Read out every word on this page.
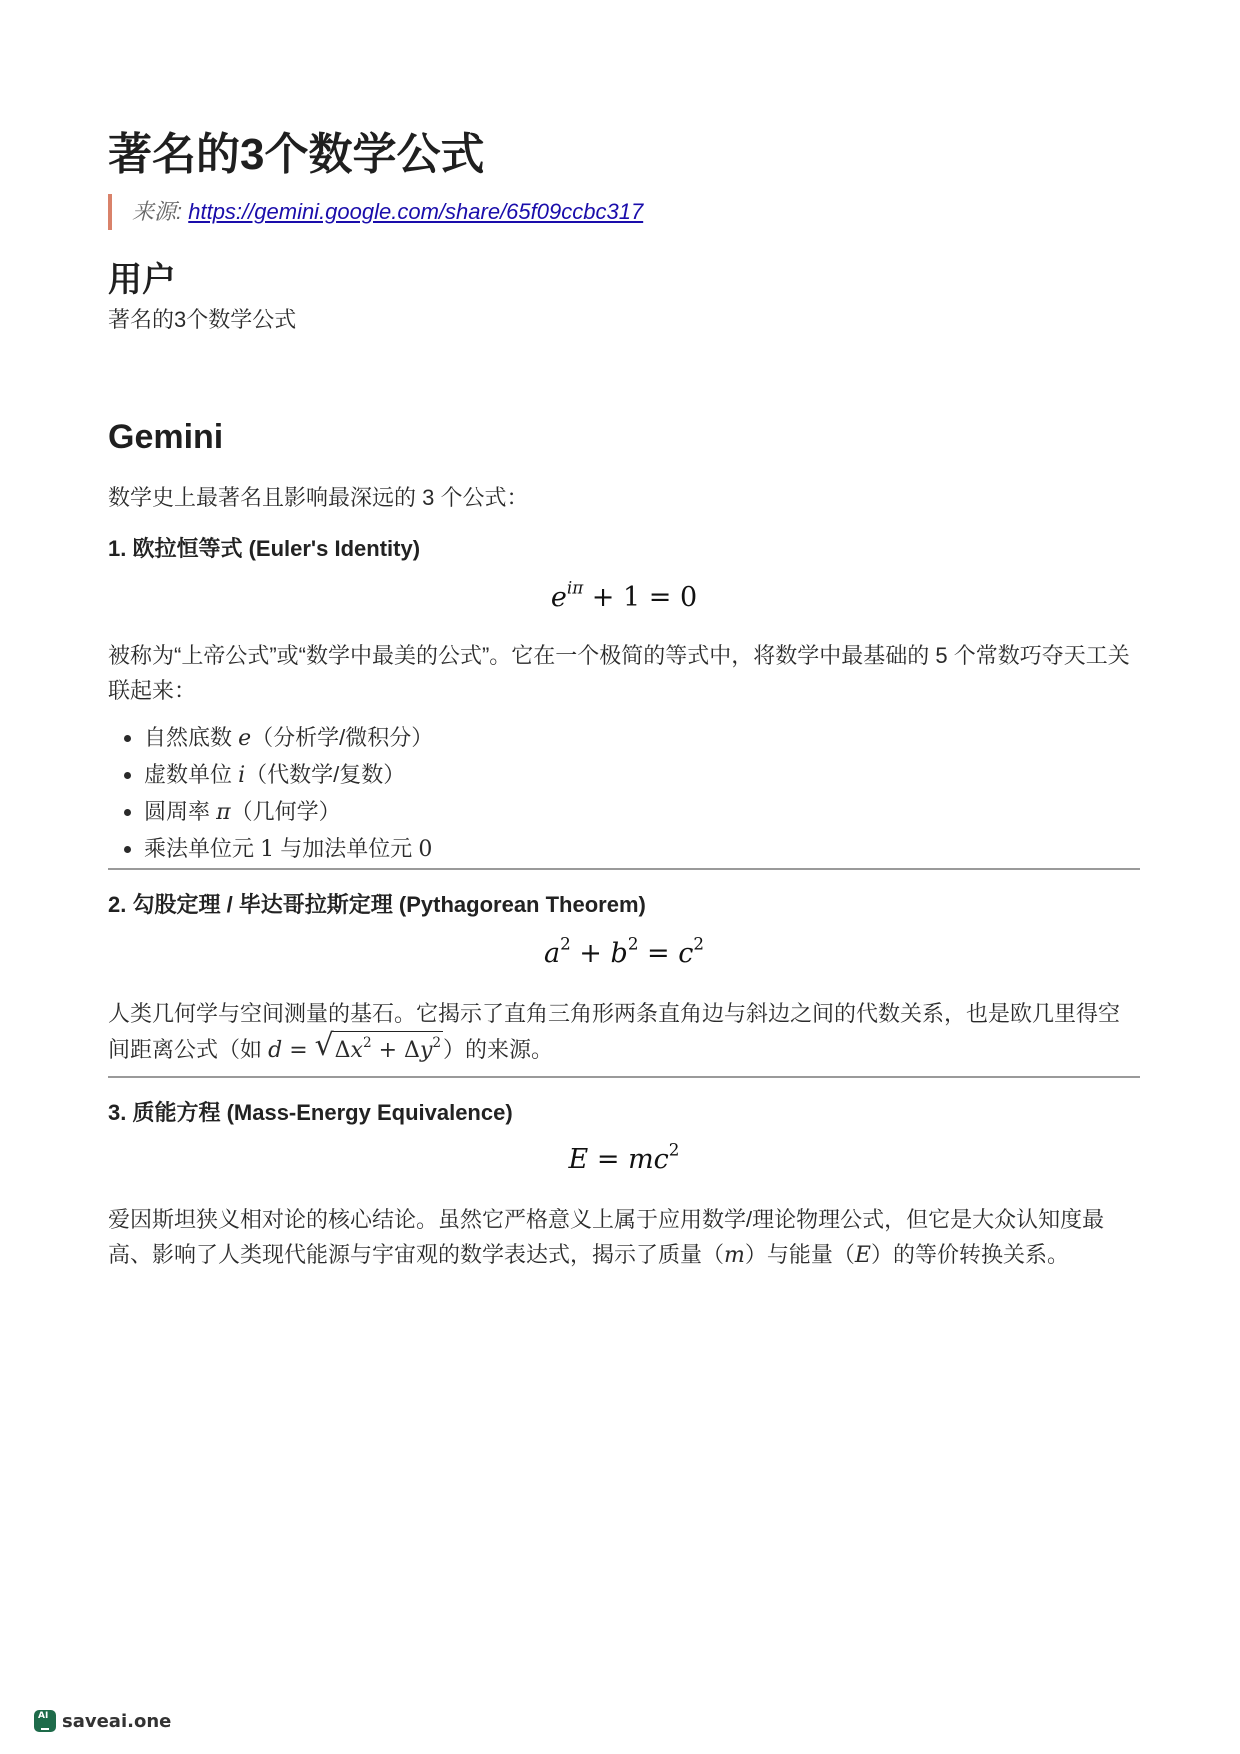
著名的3个数学公式
来源: https://gemini.google.com/share/65f09ccbc317
用户
著名的3个数学公式
Gemini
数学史上最著名且影响最深远的 3 个公式：
1. 欧拉恒等式 (Euler's Identity)
$e^{i\pi} + 1 = 0$
被称为“上帝公式”或“数学中最美的公式”。它在一个极简的等式中，将数学中最基础的 5 个常数巧夺天工关联起来：
• 自然底数 e（分析学/微积分）
• 虚数单位 i（代数学/复数）
• 圆周率 π（几何学）
• 乘法单位元 1 与加法单位元 0
2. 勾股定理 / 毕达哥拉斯定理 (Pythagorean Theorem)
$a^2 + b^2 = c^2$
人类几何学与空间测量的基石。它揭示了直角三角形两条直角边与斜边之间的代数关系，也是欧几里得空间距离公式（如 d = √ $\Delta x^2 + \Delta y^2$）的来源。
3. 质能方程 (Mass-Energy Equivalence)
$E = mc^2$
爱因斯坦狭义相对论的核心结论。虽然它严格意义上属于应用数学/理论物理公式，但它是大众认知度最高、影响了人类现代能源与宇宙观的数学表达式，揭示了质量（m）与能量（E）的等价转换关系。
AI
saveai.one
